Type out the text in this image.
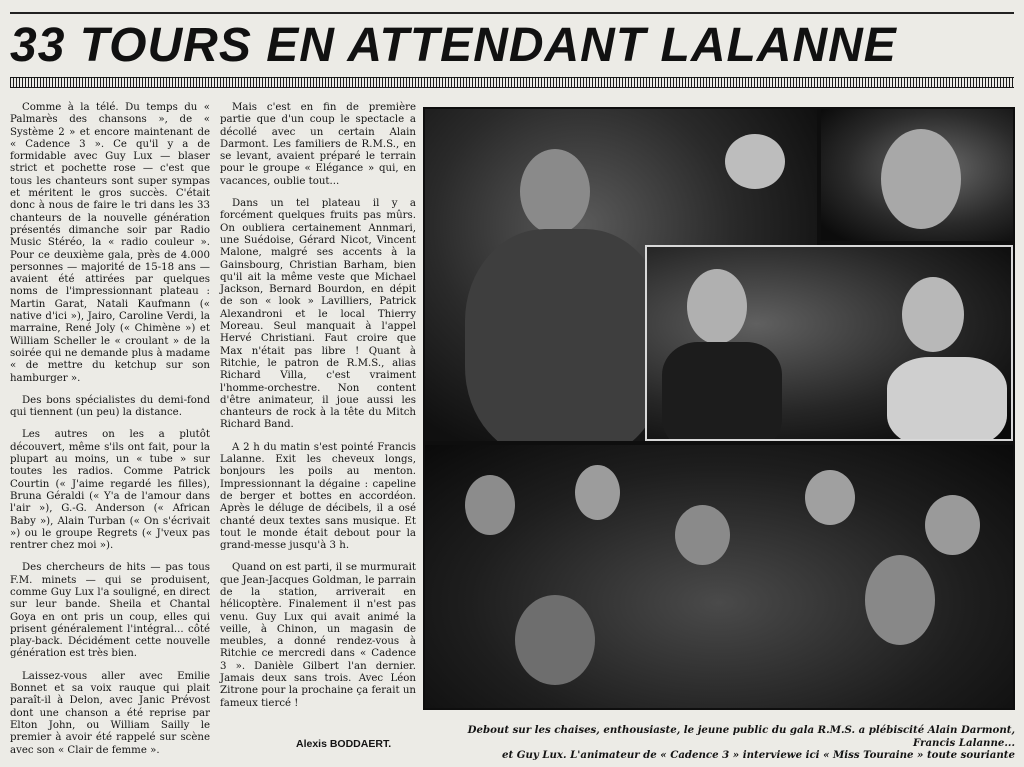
33 TOURS EN ATTENDANT LALANNE

Comme à la télé. Du temps du « Palmarès des chansons », de « Système 2 » et encore maintenant de « Cadence 3 ». Ce qu'il y a de formidable avec Guy Lux — blaser strict et pochette rose — c'est que tous les chanteurs sont super sympas et méritent le gros succès. C'était donc à nous de faire le tri dans les 33 chanteurs de la nouvelle génération présentés dimanche soir par Radio Music Stéréo, la « radio couleur ». Pour ce deuxième gala, près de 4.000 personnes — majorité de 15-18 ans — avaient été attirées par quelques noms de l'impressionnant plateau : Martin Garat, Natali Kaufmann (« native d'ici »), Jairo, Caroline Verdi, la marraine, René Joly (« Chimène ») et William Scheller le « croulant » de la soirée qui ne demande plus à madame « de mettre du ketchup sur son hamburger ».

Des bons spécialistes du demi-fond qui tiennent (un peu) la distance.

Les autres on les a plutôt découvert, même s'ils ont fait, pour la plupart au moins, un « tube » sur toutes les radios. Comme Patrick Courtin (« J'aime regardé les filles), Bruna Géraldi (« Y'a de l'amour dans l'air »), G.-G. Anderson (« African Baby »), Alain Turban (« On s'écrivait ») ou le groupe Regrets (« J'veux pas rentrer chez moi »).

Des chercheurs de hits — pas tous F.M. minets — qui se produisent, comme Guy Lux l'a souligné, en direct sur leur bande. Sheila et Chantal Goya en ont pris un coup, elles qui prisent généralement l'intégral... côté play-back. Décidément cette nouvelle génération est très bien.

Laissez-vous aller avec Emilie Bonnet et sa voix rauque qui plait paraît-il à Delon, avec Janic Prévost dont une chanson a été reprise par Elton John, ou William Sailly le premier à avoir été rappelé sur scène avec son « Clair de femme ».

Mais c'est en fin de première partie que d'un coup le spectacle a décollé avec un certain Alain Darmont. Les familiers de R.M.S., en se levant, avaient préparé le terrain pour le groupe « Elégance » qui, en vacances, oublie tout...

Dans un tel plateau il y a forcément quelques fruits pas mûrs. On oubliera certainement Annmari, une Suédoise, Gérard Nicot, Vincent Malone, malgré ses accents à la Gainsbourg, Christian Barham, bien qu'il ait la même veste que Michael Jackson, Bernard Bourdon, en dépit de son « look » Lavilliers, Patrick Alexandroni et le local Thierry Moreau. Seul manquait à l'appel Hervé Christiani. Faut croire que Max n'était pas libre ! Quant à Ritchie, le patron de R.M.S., alias Richard Villa, c'est vraiment l'homme-orchestre. Non content d'être animateur, il joue aussi les chanteurs de rock à la tête du Mitch Richard Band.

A 2 h du matin s'est pointé Francis Lalanne. Exit les cheveux longs, bonjours les poils au menton. Impressionnant la dégaine : capeline de berger et bottes en accordéon. Après le déluge de décibels, il a osé chanté deux textes sans musique. Et tout le monde était debout pour la grand-messe jusqu'à 3 h.

Quand on est parti, il se murmurait que Jean-Jacques Goldman, le parrain de la station, arriverait en hélicoptère. Finalement il n'est pas venu. Guy Lux qui avait animé la veille, à Chinon, un magasin de meubles, a donné rendez-vous à Ritchie ce mercredi dans « Cadence 3 ». Danièle Gilbert l'an dernier. Jamais deux sans trois. Avec Léon Zitrone pour la prochaine ça ferait un fameux tiercé !

Alexis BODDAERT.
Debout sur les chaises, enthousiaste, le jeune public du gala R.M.S. a plébiscité Alain Darmont, Francis Lalanne...
et Guy Lux. L'animateur de « Cadence 3 » interviewe ici « Miss Touraine » toute souriante
